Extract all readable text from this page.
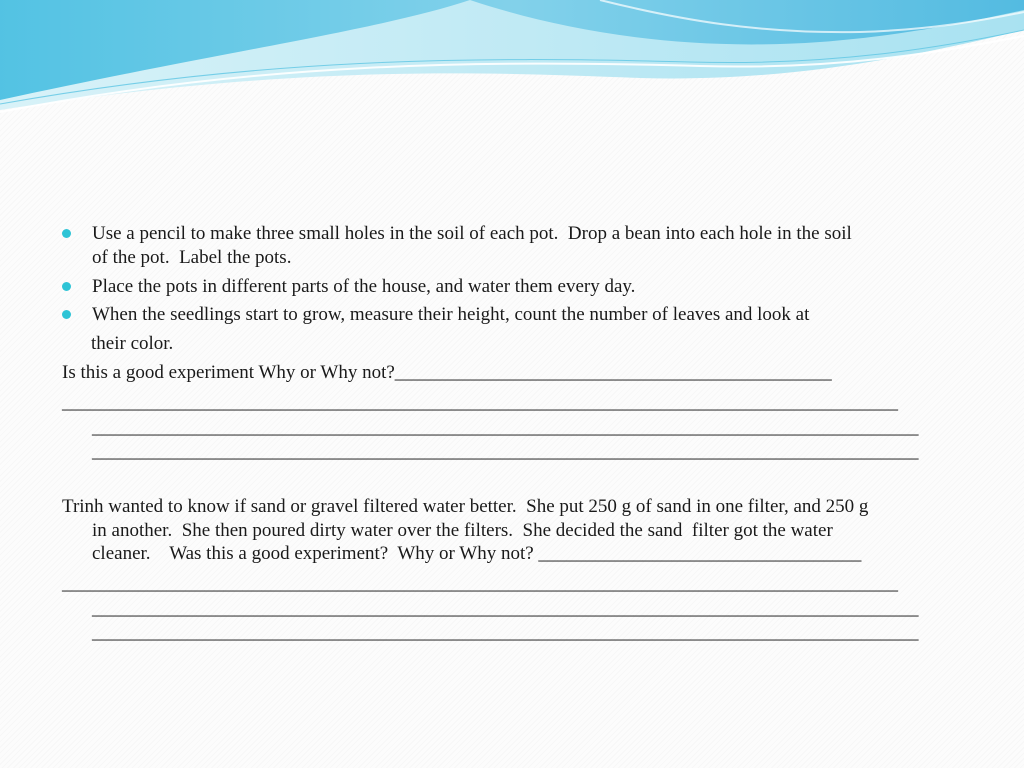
Use a pencil to make three small holes in the soil of each pot.  Drop a bean into each hole in the soil
of the pot.  Label the pots.
Place the pots in different parts of the house, and water them every day.
When the seedlings start to grow, measure their height, count the number of leaves and look at
their color.
Is this a good experiment Why or Why not?______________________________________________
________________________________________________________________________________________
_______________________________________________________________________________________
_______________________________________________________________________________________
Trinh wanted to know if sand or gravel filtered water better.  She put 250 g of sand in one filter, and 250 g
in another.  She then poured dirty water over the filters.  She decided the sand  filter got the water
cleaner.    Was this a good experiment?  Why or Why not? __________________________________
________________________________________________________________________________________
_______________________________________________________________________________________
_______________________________________________________________________________________
